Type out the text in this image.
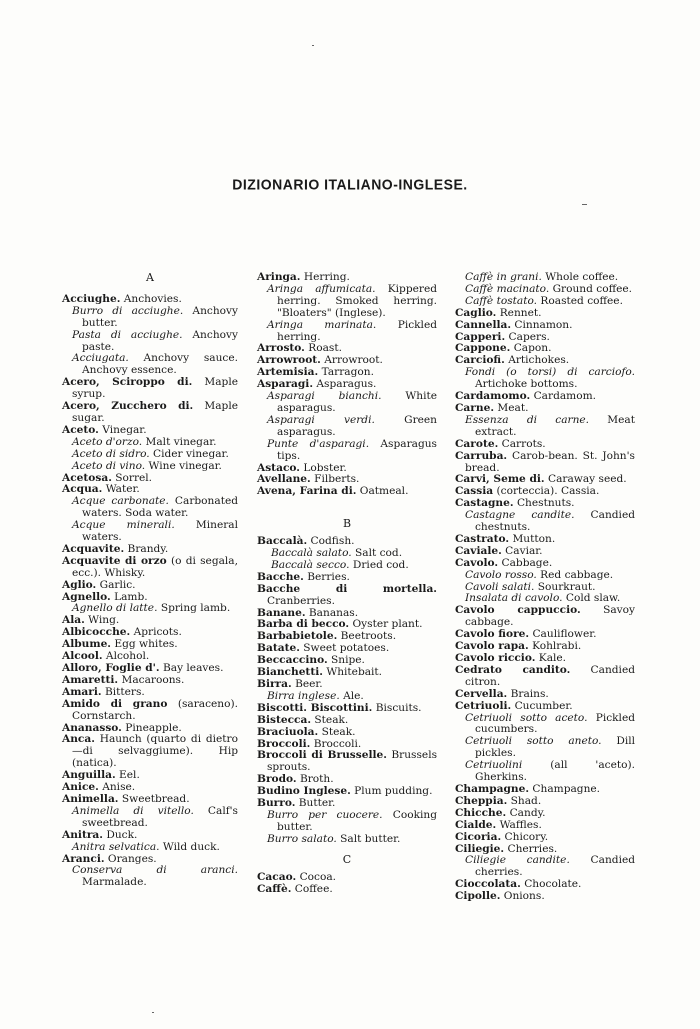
DIZIONARIO ITALIANO-INGLESE.
A
Acciughe. Anchovies.
Burro di acciughe. Anchovy butter.
Pasta di acciughe. Anchovy paste.
Acciugata. Anchovy sauce. Anchovy essence.
Acero, Sciroppo di. Maple syrup.
Acero, Zucchero di. Maple sugar.
Aceto. Vinegar.
Aceto d'orzo. Malt vinegar.
Aceto di sidro. Cider vinegar.
Aceto di vino. Wine vinegar.
Acetosa. Sorrel.
Acqua. Water.
Acque carbonate. Carbonated waters. Soda water.
Acque minerali. Mineral waters.
Acquavite. Brandy.
Acquavite di orzo (o di segala, ecc.). Whisky.
Aglio. Garlic.
Agnello. Lamb.
Agnello di latte. Spring lamb.
Ala. Wing.
Albicocche. Apricots.
Albume. Egg whites.
Alcool. Alcohol.
Alloro, Foglie d'. Bay leaves.
Amaretti. Macaroons.
Amari. Bitters.
Amido di grano (saraceno). Cornstarch.
Ananasso. Pineapple.
Anca. Haunch (quarto di dietro —di selvaggiume). Hip (natica).
Anguilla. Eel.
Anice. Anise.
Animella. Sweetbread.
Animella di vitello. Calf's sweetbread.
Anitra. Duck.
Anitra selvatica. Wild duck.
Aranci. Oranges.
Conserva di aranci. Marmalade.
Aringa. Herring.
Aringa affumicata. Kippered herring. Smoked herring. "Bloaters" (Inglese).
Aringa marinata. Pickled herring.
Arrosto. Roast.
Arrowroot. Arrowroot.
Artemisia. Tarragon.
Asparagi. Asparagus.
Asparagi bianchi. White asparagus.
Asparagi verdi.	Green asparagus.
Punte d'asparagi. Asparagus tips.
Astaco. Lobster.
Avellane. Filberts.
Avena, Farina di. Oatmeal.
B
Baccalà. Codfish.
Baccalà salato. Salt cod.
Baccalà secco. Dried cod.
Bacche. Berries.
Bacche di mortella. Cranberries.
Banane. Bananas.
Barba di becco. Oyster plant.
Barbabietole. Beetroots.
Batate. Sweet potatoes.
Beccaccino. Snipe.
Bianchetti. Whitebait.
Birra. Beer.
Birra inglese. Ale.
Biscotti. Biscottini. Biscuits.
Bistecca. Steak.
Braciuola. Steak.
Broccoli. Broccoli.
Broccoli di Brusselle. Brussels sprouts.
Brodo. Broth.
Budino Inglese. Plum pudding.
Burro. Butter.
Burro per cuocere. Cooking butter.
Burro salato. Salt butter.
C
Cacao. Cocoa.
Caffè. Coffee.
Caffè in grani. Whole coffee.
Caffè macinato. Ground coffee.
Caffè tostato. Roasted coffee.
Caglio. Rennet.
Cannella. Cinnamon.
Capperi. Capers.
Cappone. Capon.
Carciofi. Artichokes.
Fondi (o torsi) di carciofo. Artichoke bottoms.
Cardamomo. Cardamom.
Carne. Meat.
Essenza di carne. Meat extract.
Carote. Carrots.
Carruba. Carob-bean. St. John's bread.
Carvi, Seme di. Caraway seed.
Cassia (corteccia). Cassia.
Castagne. Chestnuts.
Castagne candite. Candied chestnuts.
Castrato. Mutton.
Caviale. Caviar.
Cavolo. Cabbage.
Cavolo rosso. Red cabbage.
Cavoli salati. Sourkraut.
Insalata di cavolo. Cold slaw.
Cavolo cappuccio. Savoy cabbage.
Cavolo fiore. Cauliflower.
Cavolo rapa. Kohlrabi.
Cavolo riccio. Kale.
Cedrato candito. Candied citron.
Cervella. Brains.
Cetriuoli. Cucumber.
Cetriuoli sotto aceto. Pickled cucumbers.
Cetriuoli sotto aneto. Dill pickles.
Cetriuolini	(all 'aceto). Gherkins.
Champagne. Champagne.
Cheppia. Shad.
Chicche. Candy.
Cialde. Waffles.
Cicoria. Chicory.
Ciliegie. Cherries.
Ciliegie candite. Candied cherries.
Cioccolata. Chocolate.
Cipolle. Onions.
